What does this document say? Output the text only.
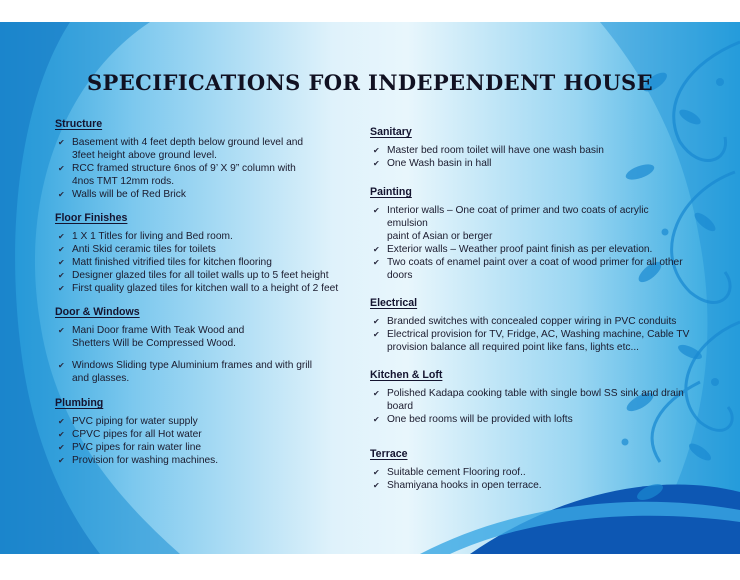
SPECIFICATIONS FOR INDEPENDENT HOUSE
Structure
✔ Basement with 4 feet depth below ground level and
3feet height above ground level.
✔ RCC framed structure 6nos of 9’ X 9” column with
4nos TMT 12mm rods.
✔ Walls will be of Red Brick
Floor Finishes
✔ 1 X 1 Titles for living and Bed room.
✔ Anti Skid ceramic tiles for toilets
✔ Matt finished vitrified tiles for kitchen flooring
✔ Designer glazed tiles for all toilet walls up to 5 feet height
✔ First quality glazed tiles for kitchen wall to a height of 2 feet
Door & Windows
✔ Mani Door frame With Teak Wood and
Shetters Will be Compressed Wood.
✔ Windows Sliding type Aluminium frames and with grill
and glasses.
Plumbing
✔ PVC piping for water supply
✔ CPVC pipes for all Hot water
✔ PVC pipes for rain water line
✔ Provision for washing machines.
Sanitary
✔ Master bed room toilet will have one wash basin
✔ One Wash basin in hall
Painting
✔ Interior walls – One coat of primer and two coats of acrylic emulsion
paint of Asian or berger
✔ Exterior walls – Weather proof paint finish as per elevation.
✔ Two coats of enamel paint over a coat of wood primer for all other doors
Electrical
✔ Branded switches with concealed copper wiring in PVC conduits
✔ Electrical provision for TV, Fridge, AC, Washing machine, Cable TV
provision balance all required point like fans, lights etc...
Kitchen & Loft
✔ Polished Kadapa cooking table with single bowl SS sink and drain board
✔ One bed rooms will be provided with lofts
Terrace
✔ Suitable cement Flooring roof..
✔ Shamiyana hooks in open terrace.
